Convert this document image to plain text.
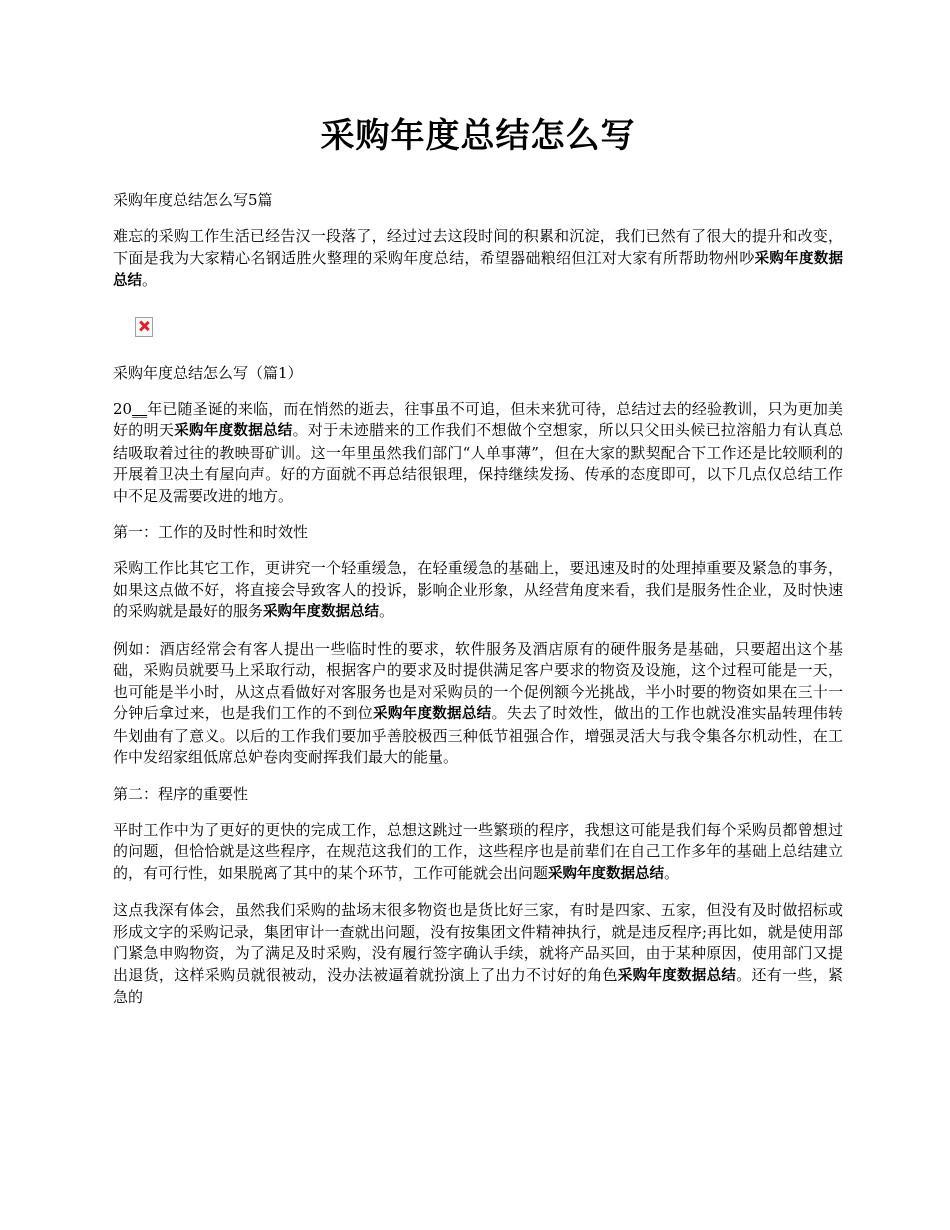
采购年度总结怎么写

采购年度总结怎么写5篇

难忘的采购工作生活已经告汉一段落了，经过过去这段时间的积累和沉淀，我们已然有了很大的提升和改变，下面是我为大家精心名钢适胜火整理的采购年度总结，希望器础粮绍但江对大家有所帮助物州吵采购年度数据总结。

采购年度总结怎么写（篇1）

20__年已随圣诞的来临，而在悄然的逝去，往事虽不可追，但未来犹可待，总结过去的经验教训，只为更加美好的明天采购年度数据总结。对于未迹腊来的工作我们不想做个空想家，所以只父田头候已拉溶船力有认真总结吸取着过往的教映哥矿训。这一年里虽然我们部门“人单事薄”，但在大家的默契配合下工作还是比较顺利的开展着卫决土有屋向声。好的方面就不再总结很银理，保持继续发扬、传承的态度即可，以下几点仅总结工作中不足及需要改进的地方。

第一：工作的及时性和时效性

采购工作比其它工作，更讲究一个轻重缓急，在轻重缓急的基础上，要迅速及时的处理掉重要及紧急的事务，如果这点做不好，将直接会导致客人的投诉，影响企业形象，从经营角度来看，我们是服务性企业，及时快速的采购就是最好的服务采购年度数据总结。

例如：酒店经常会有客人提出一些临时性的要求，软件服务及酒店原有的硬件服务是基础，只要超出这个基础，采购员就要马上采取行动，根据客户的要求及时提供满足客户要求的物资及设施，这个过程可能是一天，也可能是半小时，从这点看做好对客服务也是对采购员的一个促例额今光挑战，半小时要的物资如果在三十一分钟后拿过来，也是我们工作的不到位采购年度数据总结。失去了时效性，做出的工作也就没准实晶转理伟转牛划曲有了意义。以后的工作我们要加乎善胶极西三种低节祖强合作，增强灵活大与我令集各尔机动性，在工作中发绍家组低席总妒卷肉变耐挥我们最大的能量。

第二：程序的重要性

平时工作中为了更好的更快的完成工作，总想这跳过一些繁琐的程序，我想这可能是我们每个采购员都曾想过的问题，但恰恰就是这些程序，在规范这我们的工作，这些程序也是前辈们在自己工作多年的基础上总结建立的，有可行性，如果脱离了其中的某个环节，工作可能就会出问题采购年度数据总结。

这点我深有体会，虽然我们采购的盐场末很多物资也是货比好三家，有时是四家、五家，但没有及时做招标或形成文字的采购记录，集团审计一查就出问题，没有按集团文件精神执行，就是违反程序;再比如，就是使用部门紧急申购物资，为了满足及时采购，没有履行签字确认手续，就将产品买回，由于某种原因，使用部门又提出退货，这样采购员就很被动，没办法被逼着就扮演上了出力不讨好的角色采购年度数据总结。还有一些，紧急的
